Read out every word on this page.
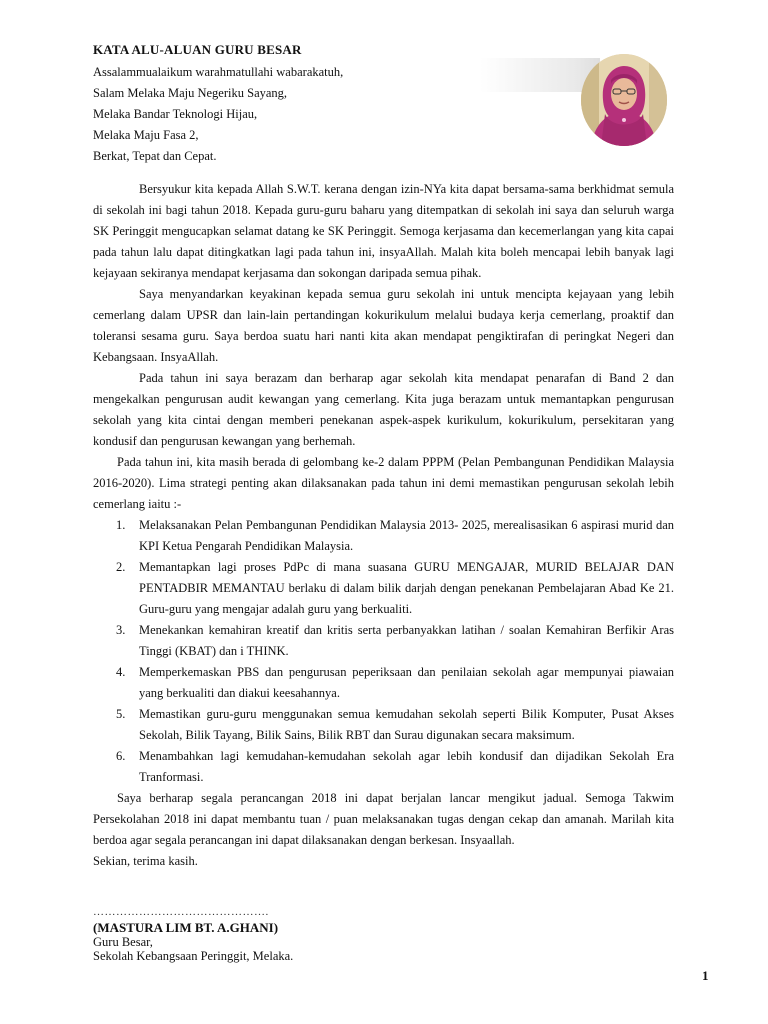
KATA ALU-ALUAN GURU BESAR
Assalammualaikum warahmatullahi wabarakatuh,
Salam Melaka Maju Negeriku Sayang,
Melaka Bandar Teknologi Hijau,
Melaka Maju Fasa 2,
Berkat, Tepat dan Cepat.

Bersyukur kita kepada Allah S.W.T. kerana dengan izin-NYa kita dapat bersama-sama berkhidmat semula di sekolah ini bagi tahun 2018. Kepada guru-guru baharu yang ditempatkan di sekolah ini saya dan seluruh warga SK Peringgit mengucapkan selamat datang ke SK Peringgit. Semoga kerjasama dan kecemerlangan yang kita capai pada tahun lalu dapat ditingkatkan lagi pada tahun ini, insyaAllah. Malah kita boleh mencapai lebih banyak lagi kejayaan sekiranya mendapat kerjasama dan sokongan daripada semua pihak.

Saya menyandarkan keyakinan kepada semua guru sekolah ini untuk mencipta kejayaan yang lebih cemerlang dalam UPSR dan lain-lain pertandingan kokurikulum melalui budaya kerja cemerlang, proaktif dan toleransi sesama guru. Saya berdoa suatu hari nanti kita akan mendapat pengiktirafan di peringkat Negeri dan Kebangsaan. InsyaAllah.

Pada tahun ini saya berazam dan berharap agar sekolah kita mendapat penarafan di Band 2 dan mengekalkan pengurusan audit kewangan yang cemerlang. Kita juga berazam untuk memantapkan pengurusan sekolah yang kita cintai dengan memberi penekanan aspek-aspek kurikulum, kokurikulum, persekitaran yang kondusif dan pengurusan kewangan yang berhemah.

Pada tahun ini, kita masih berada di gelombang ke-2 dalam PPPM (Pelan Pembangunan Pendidikan Malaysia 2016-2020). Lima strategi penting akan dilaksanakan pada tahun ini demi memastikan pengurusan sekolah lebih cemerlang iaitu :-

1. Melaksanakan Pelan Pembangunan Pendidikan Malaysia 2013- 2025, merealisasikan 6 aspirasi murid dan KPI Ketua Pengarah Pendidikan Malaysia.
2. Memantapkan lagi proses PdPc di mana suasana GURU MENGAJAR, MURID BELAJAR DAN PENTADBIR MEMANTAU berlaku di dalam bilik darjah dengan penekanan Pembelajaran Abad Ke 21. Guru-guru yang mengajar adalah guru yang berkualiti.
3. Menekankan kemahiran kreatif dan kritis serta perbanyakkan latihan / soalan Kemahiran Berfikir Aras Tinggi (KBAT) dan i THINK.
4. Memperkemaskan PBS dan pengurusan peperiksaan dan penilaian sekolah agar mempunyai piawaian yang berkualiti dan diakui keesahannya.
5. Memastikan guru-guru menggunakan semua kemudahan sekolah seperti Bilik Komputer, Pusat Akses Sekolah, Bilik Tayang, Bilik Sains, Bilik RBT dan Surau digunakan secara maksimum.
6. Menambahkan lagi kemudahan-kemudahan sekolah agar lebih kondusif dan dijadikan Sekolah Era Tranformasi.

Saya berharap segala perancangan 2018 ini dapat berjalan lancar mengikut jadual. Semoga Takwim Persekolahan 2018 ini dapat membantu tuan / puan melaksanakan tugas dengan cekap dan amanah. Marilah kita berdoa agar segala perancangan ini dapat dilaksanakan dengan berkesan. Insyaallah.

Sekian, terima kasih.

……………………………………….
(MASTURA LIM BT. A.GHANI)
Guru Besar,
Sekolah Kebangsaan Peringgit, Melaka.
1
